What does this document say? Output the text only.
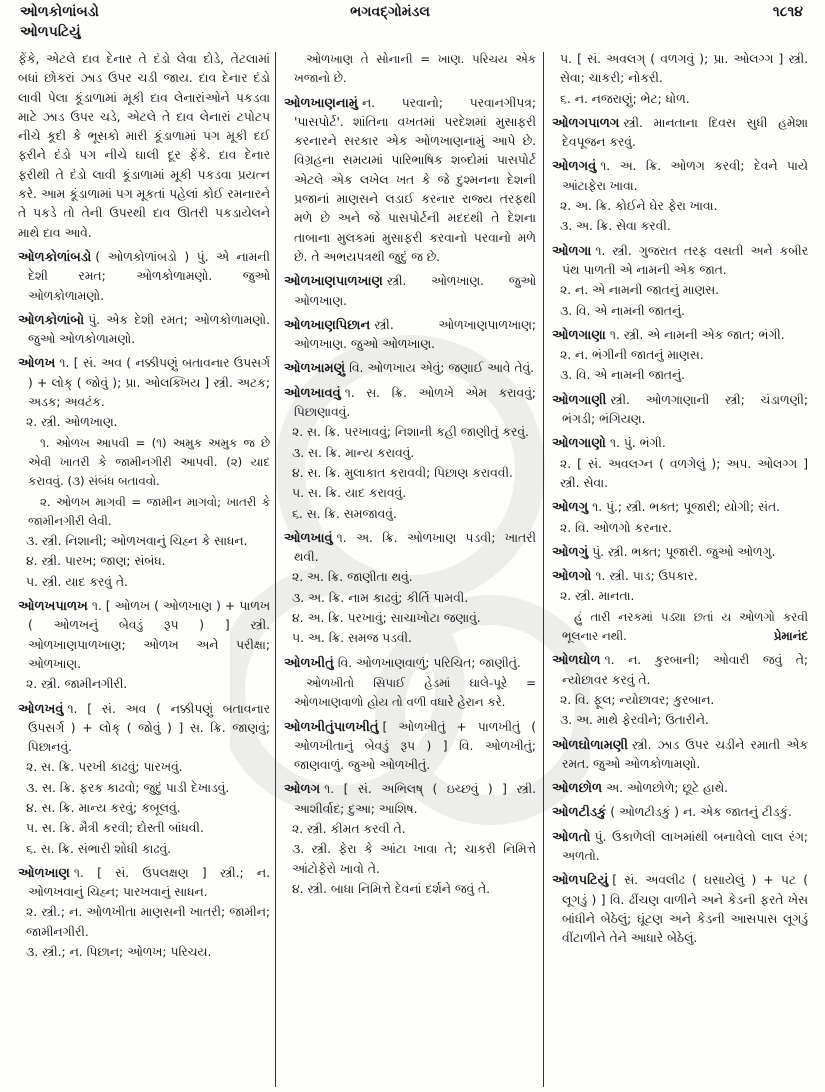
ઓળકોળાંબડો
ઓળપટિયું
ભગવદ્ગોમંડલ	૧૮૧૪
ફેંકે, એટલે દાવ દેનાર તે દંડો લેવા દોડે, તેટલામાં બધાં છોકરાં ઝાડ ઉપર ચડી જાય. દાવ દેનાર દંડો લાવી પેલા કૂંડાળામાં મૂકી દાવ લેનારાંઓને પકડવા માટે ઝાડ ઉપર ચડે, એટલે તે દાવ લેનારાં ટપોટપ નીચે કૂદી કે ભૂસકો મારી કૂંડાળામાં પગ મૂકી દઈ ફરીને દંડો પગ નીચે ઘાલી દૂર ફેંકે. દાવ દેનાર ફરીથી તે દંડો લાવી કૂંડાળામાં મૂકી પકડવા પ્રયત્ન કરે. આમ કૂંડાળામાં પગ મૂકતાં પહેલાં કોઈ રમનારને તે પકડે તો તેની ઉપરથી દાવ ઊતરી પકડાયેલને માથે દાવ આવે.
ઓળકોળાંબડો ( ઓળકોળાંબડો ) પું. એ નામની દેશી રમત; ઓળકોળામણો. જુઓ ઓળકોળામણો.
ઓળકોળાંબો પું. એક દેશી રમત; ઓળકોળામણો. જુઓ ઓળકોળામણો.
ઓળખ ૧. [ સં. અવ ( નક્કીપણું બતાવનાર ઉપસર્ગ ) + લોક્ ( જોવું ); પ્રા. ઓલક્ખિય ] સ્ત્રી. અટક; અડક; અવટંક.
૨. સ્ત્રી. ઓળખાણ.
૧. ઓળખ આપવી = (૧) અમુક અમુક જ છે એવી ખાતરી કે જામીનગીરી આપવી. (૨) યાદ કરાવવું. (૩) સંબંધ બતાવવો.
૨. ઓળખ માગવી = જામીન માગવો; ખાતરી કે જામીનગીરી લેવી.
૩. સ્ત્રી. નિશાની; ઓળખવાનું ચિહ્ન કે સાધન.
૪. સ્ત્રી. પારખ; જાણ; સંબંધ.
૫. સ્ત્રી. યાદ કરવું તે.
ઓળખપાળખ ૧. [ ઓળખ ( ઓળખાણ ) + પાળખ ( ઓળખનું બેવડું રૂપ ) ] સ્ત્રી. ઓળખાણપાળખાણ; ઓળખ અને પરીક્ષા; ઓળખાણ.
૨. સ્ત્રી. જામીનગીરી.
ઓળખવું ૧. [ સં. અવ ( નક્કીપણું બતાવનાર ઉપસર્ગ ) + લોક્ ( જોવું ) ] સ. ક્રિ. જાણવું; પિછાનવું.
૨. સ. ક્રિ. પરખી કાઢવું; પારખવું.
૩. સ. ક્રિ. ફરક કાઢવો; જુદું પાડી દેખાડવું.
૪. સ. ક્રિ. માન્ય કરવું; કબૂલવું.
૫. સ. ક્રિ. મૈત્રી કરવી; દોસ્તી બાંધવી.
૬. સ. ક્રિ. સંભારી શોધી કાઢવું.
ઓળખાણ ૧. [ સં. ઉપલક્ષણ ] સ્ત્રી.; ન. ઓળખવાનું ચિહ્ન; પારખવાનું સાધન.
૨. સ્ત્રી.; ન. ઓળખીતા માણસની ખાતરી; જામીન; જામીનગીરી.
૩. સ્ત્રી.; ન. પિછાન; ઓળખ; પરિચય.
ઓળખાણ તે સોનાની = ખાણ. પરિચય એક ખજાનો છે.
ઓળખાણનામું ન. પરવાનો; પરવાનગીપત્ર; 'પાસપોર્ટ'. શાંતિના વખતમાં પરદેશમાં મુસાફરી કરનારને સરકાર એક ઓળખાણનામું આપે છે. વિગ્રહના સમયમાં પારિભાષિક શબ્દોમાં પાસપોર્ટ એટલે એક લખેલ ખત કે જે દુશ્મનના દેશની પ્રજાનાં માણસને લડાઈ કરનાર રાજ્ય તરફથી મળે છે અને જે પાસપોર્ટની મદદથી તે દેશના તાબાના મુલકમાં મુસાફરી કરવાનો પરવાનો મળે છે. તે અભયપત્રથી જુદું જ છે.
ઓળખાણપાળખાણ સ્ત્રી. ઓળખાણ. જુઓ ઓળખાણ.
ઓળખાણપિછાન સ્ત્રી. ઓળખાણપાળખાણ; ઓળખાણ. જુઓ ઓળખાણ.
ઓળખામણું વિ. ઓળખાય એવું; જણાઈ આવે તેવું.
ઓળખાવવું ૧. સ. ક્રિ. ઓળખે એમ કરાવવું; પિછાણાવવું.
૨. સ. ક્રિ. પરખાવવું; નિશાની કહી જાણીતું કરવું.
૩. સ. ક્રિ. માન્ય કરાવવું.
૪. સ. ક્રિ. મુલાકાત કરાવવી; પિછાણ કરાવવી.
૫. સ. ક્રિ. યાદ કરાવવું.
૬. સ. ક્રિ. સમજાવવું.
ઓળખાવું ૧. અ. ક્રિ. ઓળખાણ પડવી; ખાતરી થવી.
૨. અ. ક્રિ. જાણીતા થવું.
૩. અ. ક્રિ. નામ કાઢવું; કીર્તિ પામવી.
૪. અ. ક્રિ. પરખાવું; સાચાખોટા જણાવું.
૫. અ. ક્રિ. સમજ પડવી.
ઓળખીતું વિ. ઓળખાણવાળું; પરિચિત; જાણીતું.
ઓળખીતો સિપાઈ હેડમાં ઘાલે-પૂરે = ઓળખાણવાળો હોય તો વળી વધારે હેરાન કરે.
ઓળખીતુંપાળખીતું [ ઓળખીતું + પાળખીતું ( ઓળખીતાનું બેવડું રૂપ ) ] વિ. ઓળખીતું; જાણવાળું. જુઓ ઓળખીતું.
ઓળગ ૧. [ સં. અભિલષ્ ( ઇચ્છવું ) ] સ્ત્રી. આશીર્વાદ; દુઆ; આશિષ.
૨. સ્ત્રી. કીમત કરવી તે.
૩. સ્ત્રી. ફેરા કે આંટા ખાવા તે; ચાકરી નિમિત્તે આંટોફેરો ખાવો તે.
૪. સ્ત્રી. બાધા નિમિત્તે દેવનાં દર્શને જવું તે.
૫. [ સં. અવલગ્ ( વળગવું ); પ્રા. ઓલગ્ગ ] સ્ત્રી. સેવા; ચાકરી; નોકરી.
૬. ન. નજરાણું; ભેટ; ધોળ.
ઓળગપાળગ સ્ત્રી. માનતાના દિવસ સુધી હમેશા દેવપૂજન કરવું.
ઓળગવું ૧. અ. ક્રિ. ઓળગ કરવી; દેવને પાયે આંટાફેરા ખાવા.
૨. અ. ક્રિ. કોઈને ઘેર ફેરા ખાવા.
૩. અ. ક્રિ. સેવા કરવી.
ઓળગા ૧. સ્ત્રી. ગુજરાત તરફ વસતી અને કબીર પંથ પાળતી એ નામની એક જાત.
૨. ન. એ નામની જાતનું માણસ.
૩. વિ. એ નામની જાતનું.
ઓળગાણા ૧. સ્ત્રી. એ નામની એક જાત; ભંગી.
૨. ન. ભંગીની જાતનું માણસ.
૩. વિ. એ નામની જાતનું.
ઓળગાણી સ્ત્રી. ઓળગાણાની સ્ત્રી; ચંડાળણી; ભંગડી; ભંગિયણ.
ઓળગાણો ૧. પું. ભંગી.
૨. [ સં. અવલગ્ન ( વળગેલું ); અપ. ઓલગ્ગ ] સ્ત્રી. સેવા.
ઓળગુ ૧. પું.; સ્ત્રી. ભક્ત; પૂજારી; યોગી; સંત.
૨. વિ. ઓળગો કરનાર.
ઓળગું પું. સ્ત્રી. ભક્ત; પૂજારી. જુઓ ઓળગુ.
ઓળગો ૧. સ્ત્રી. પાડ; ઉપકાર.
૨. સ્ત્રી. માનતા.
હું તારી નરકમાં પડ્યા છતાં ય ઓળગો કરવી ભૂલનાર નથી.	પ્રેમાનંદ
ઓળઘોળ ૧. ન. કુરબાની; ઓવારી જવું તે; ન્યોછાવર કરવું તે.
૨. વિ. ફૂલ; ન્યોછાવર; કુરબાન.
૩. અ. માથે ફેરવીને; ઉતારીને.
ઓળઘોળામણી સ્ત્રી. ઝાડ ઉપર ચડીને રમાતી એક રમત. જુઓ ઓળકોળામણો.
ઓળછોળ અ. ઓળછોળે; છૂટે હાથે.
ઓળટીડકું ( ઓળટીડકું ) ન. એક જાતનું ટીડકું.
ઓળતો પું. ઉકાળેલી લાખમાંથી બનાવેલો લાલ રંગ; અળતો.
ઓળપટિયું [ સં. અવલીઢ ( ઘસાયેલું ) + પટ ( લૂગડું ) ] વિ. ઢીંચણ વાળીને અને કેડની ફરતે ખેસ બાંધીને બેઠેલું; ઘૂંટણ અને કેડની આસપાસ લૂગડું વીંટાળીને તેને આધારે બેઠેલું.
